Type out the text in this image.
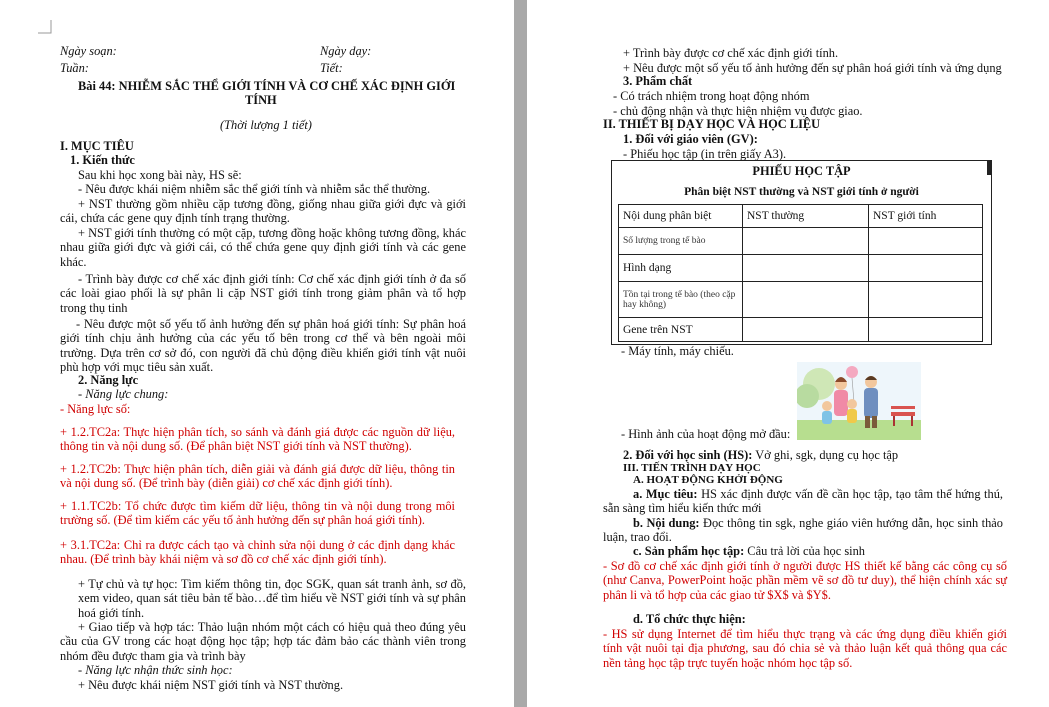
Ngày soạn:	Ngày dạy:
Tuần:	Tiết:
Bài 44: NHIỄM SẮC THỂ GIỚI TÍNH VÀ CƠ CHẾ XÁC ĐỊNH GIỚI
TÍNH
(Thời lượng 1 tiết)
I. MỤC TIÊU
1. Kiến thức
Sau khi học xong bài này, HS sẽ:
- Nêu được khái niệm nhiễm sắc thể giới tính và nhiễm sắc thể thường.
+ NST thường gồm nhiều cặp tương đồng, giống nhau giữa giới đực và giới cái, chứa các gene quy định tính trạng thường.
+ NST giới tính thường có một cặp, tương đồng hoặc không tương đồng, khác nhau giữa giới đực và giới cái, có thể chứa gene quy định giới tính và các gene khác.
- Trình bày được cơ chế xác định giới tính: Cơ chế xác định giới tính ở đa số các loài giao phối là sự phân li cặp NST giới tính trong giảm phân và tổ hợp trong thụ tinh
- Nêu được một số yếu tố ảnh hưởng đến sự phân hoá giới tính: Sự phân hoá giới tính chịu ảnh hưởng của các yếu tố bên trong cơ thể và bên ngoài môi trường. Dựa trên cơ sở đó, con người đã chủ động điều khiển giới tính vật nuôi phù hợp với mục tiêu sản xuất.
2. Năng lực
- Năng lực chung:
- Năng lực số:
+ 1.2.TC2a: Thực hiện phân tích, so sánh và đánh giá được các nguồn dữ liệu, thông tin và nội dung số. (Để phân biệt NST giới tính và NST thường).
+ 1.2.TC2b: Thực hiện phân tích, diễn giải và đánh giá được dữ liệu, thông tin và nội dung số. (Để trình bày (diễn giải) cơ chế xác định giới tính).
+ 1.1.TC2b: Tổ chức được tìm kiếm dữ liệu, thông tin và nội dung trong môi trường số. (Để tìm kiếm các yếu tố ảnh hưởng đến sự phân hoá giới tính).
+ 3.1.TC2a: Chỉ ra được cách tạo và chỉnh sửa nội dung ở các định dạng khác nhau. (Để trình bày khái niệm và sơ đồ cơ chế xác định giới tính).
+ Tự chủ và tự học: Tìm kiếm thông tin, đọc SGK, quan sát tranh ảnh, sơ đồ, xem video, quan sát tiêu bản tế bào…để tìm hiểu về NST giới tính và sự phân hoá giới tính.
+ Giao tiếp và hợp tác: Thảo luận nhóm một cách có hiệu quả theo đúng yêu cầu của GV trong các hoạt động học tập; hợp tác đảm bảo các thành viên trong nhóm đều được tham gia và trình bày
- Năng lực nhận thức sinh học:
+ Nêu được khái niệm NST giới tính và NST thường.
+ Trình bày được cơ chế xác định giới tính.
+ Nêu được một số yếu tố ảnh hưởng đến sự phân hoá giới tính và ứng dụng
3. Phẩm chất
- Có trách nhiệm trong hoạt động nhóm
- chủ động nhận và thực hiện nhiệm vụ được giao.
II. THIẾT BỊ DẠY HỌC VÀ HỌC LIỆU
1. Đối với giáo viên (GV):
- Phiếu học tập (in trên giấy A3).
PHIẾU HỌC TẬP
Phân biệt NST thường và NST giới tính ở người
Nội dung phân biệt	NST thường	NST giới tính
Số lượng trong tế bào		
Hình dạng		
Tồn tại trong tế bào (theo cặp hay không)		
Gene trên NST		
- Máy tính, máy chiếu.
- Hình ảnh của hoạt động mở đầu:
2. Đối với học sinh (HS): Vở ghi, sgk, dụng cụ học tập
III. TIẾN TRÌNH DẠY HỌC
A. HOẠT ĐỘNG KHỞI ĐỘNG
a. Mục tiêu: HS xác định được vấn đề cần học tập, tạo tâm thế hứng thú, sẵn sàng tìm hiểu kiến thức mới
b. Nội dung: Đọc thông tin sgk, nghe giáo viên hướng dẫn, học sinh thảo luận, trao đổi.
c. Sản phẩm học tập: Câu trả lời của học sinh
- Sơ đồ cơ chế xác định giới tính ở người được HS thiết kế bằng các công cụ số (như Canva, PowerPoint hoặc phần mềm vẽ sơ đồ tư duy), thể hiện chính xác sự phân li và tổ hợp của các giao tử $X$ và $Y$.
d. Tổ chức thực hiện:
- HS sử dụng Internet để tìm hiểu thực trạng và các ứng dụng điều khiển giới tính vật nuôi tại địa phương, sau đó chia sẻ và thảo luận kết quả thông qua các nền tảng học tập trực tuyến hoặc nhóm học tập số.
